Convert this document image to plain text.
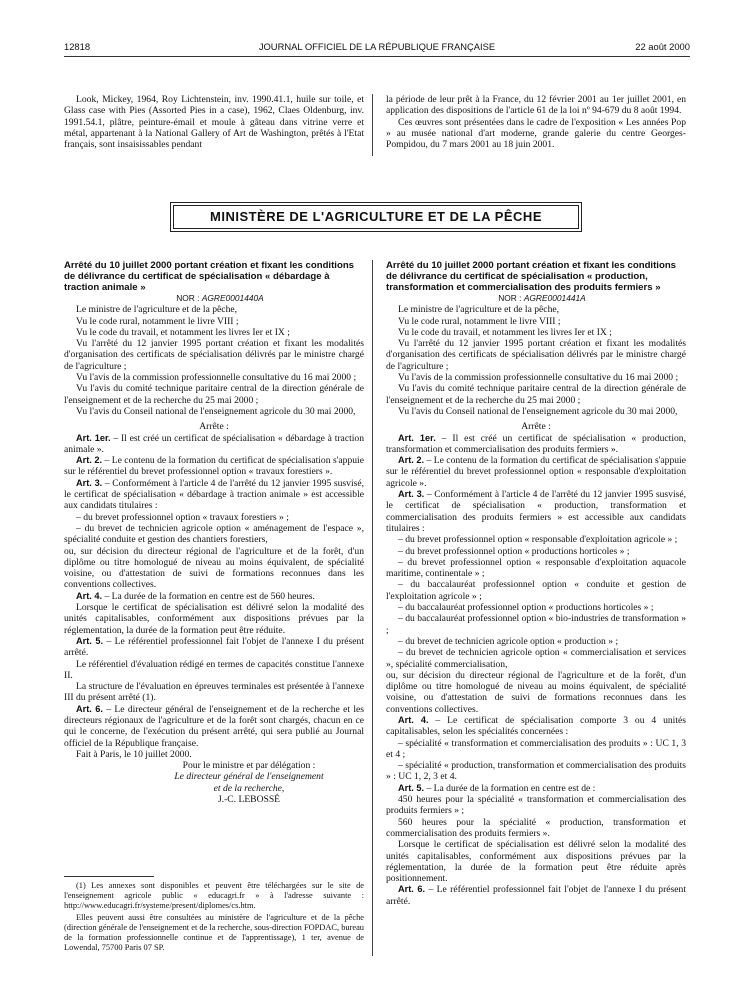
12818	JOURNAL OFFICIEL DE LA RÉPUBLIQUE FRANÇAISE	22 août 2000

Look, Mickey, 1964, Roy Lichtenstein, inv. 1990.41.1, huile sur toile, et Glass case with Pies (Assorted Pies in a case), 1962, Claes Oldenburg, inv. 1991.54.1, plâtre, peinture-émail et moule à gâteau dans vitrine verre et métal, appartenant à la National Gallery of Art de Washington, prêtés à l'Etat français, sont insaisissables pendant

la période de leur prêt à la France, du 12 février 2001 au 1er juillet 2001, en application des dispositions de l'article 61 de la loi nº 94-679 du 8 août 1994.

Ces œuvres sont présentées dans le cadre de l'exposition « Les années Pop » au musée national d'art moderne, grande galerie du centre Georges-Pompidou, du 7 mars 2001 au 18 juin 2001.

MINISTÈRE DE L'AGRICULTURE ET DE LA PÊCHE

Arrêté du 10 juillet 2000 portant création et fixant les conditions de délivrance du certificat de spécialisation « débardage à traction animale »

NOR : AGRE0001440A

Le ministre de l'agriculture et de la pêche,

Vu le code rural, notamment le livre VIII ;

Vu le code du travail, et notamment les livres Ier et IX ;

Vu l'arrêté du 12 janvier 1995 portant création et fixant les modalités d'organisation des certificats de spécialisation délivrés par le ministre chargé de l'agriculture ;

Vu l'avis de la commission professionnelle consultative du 16 mai 2000 ;

Vu l'avis du comité technique paritaire central de la direction générale de l'enseignement et de la recherche du 25 mai 2000 ;

Vu l'avis du Conseil national de l'enseignement agricole du 30 mai 2000,

Arrête :

Art. 1er. – Il est créé un certificat de spécialisation « débardage à traction animale ».

Art. 2. – Le contenu de la formation du certificat de spécialisation s'appuie sur le référentiel du brevet professionnel option « travaux forestiers ».

Art. 3. – Conformément à l'article 4 de l'arrêté du 12 janvier 1995 susvisé, le certificat de spécialisation « débardage à traction animale » est accessible aux candidats titulaires :

– du brevet professionnel option « travaux forestiers » ;

– du brevet de technicien agricole option « aménagement de l'espace », spécialité conduite et gestion des chantiers forestiers,

ou, sur décision du directeur régional de l'agriculture et de la forêt, d'un diplôme ou titre homologué de niveau au moins équivalent, de spécialité voisine, ou d'attestation de suivi de formations reconnues dans les conventions collectives.

Art. 4. – La durée de la formation en centre est de 560 heures.

Lorsque le certificat de spécialisation est délivré selon la modalité des unités capitalisables, conformément aux dispositions prévues par la réglementation, la durée de la formation peut être réduite.

Art. 5. – Le référentiel professionnel fait l'objet de l'annexe I du présent arrêté.

Le référentiel d'évaluation rédigé en termes de capacités constitue l'annexe II.

La structure de l'évaluation en épreuves terminales est présentée à l'annexe III du présent arrêté (1).

Art. 6. – Le directeur général de l'enseignement et de la recherche et les directeurs régionaux de l'agriculture et de la forêt sont chargés, chacun en ce qui le concerne, de l'exécution du présent arrêté, qui sera publié au Journal officiel de la République française.

Fait à Paris, le 10 juillet 2000.

Pour le ministre et par délégation :

Le directeur général de l'enseignement

et de la recherche,

J.-C. LEBOSSÉ

(1) Les annexes sont disponibles et peuvent être téléchargées sur le site de l'enseignement agricole public « educagri.fr » à l'adresse suivante : http://www.educagri.fr/systeme/present/diplomes/cs.htm.

Elles peuvent aussi être consultées au ministère de l'agriculture et de la pêche (direction générale de l'enseignement et de la recherche, sous-direction FOPDAC, bureau de la formation professionnelle continue et de l'apprentissage), 1 ter, avenue de Lowendal, 75700 Paris 07 SP.

Arrêté du 10 juillet 2000 portant création et fixant les conditions de délivrance du certificat de spécialisation « production, transformation et commercialisation des produits fermiers »

NOR : AGRE0001441A

Le ministre de l'agriculture et de la pêche,

Vu le code rural, notamment le livre VIII ;

Vu le code du travail, et notamment les livres Ier et IX ;

Vu l'arrêté du 12 janvier 1995 portant création et fixant les modalités d'organisation des certificats de spécialisation délivrés par le ministre chargé de l'agriculture ;

Vu l'avis de la commission professionnelle consultative du 16 mai 2000 ;

Vu l'avis du comité technique paritaire central de la direction générale de l'enseignement et de la recherche du 25 mai 2000 ;

Vu l'avis du Conseil national de l'enseignement agricole du 30 mai 2000,

Arrête :

Art. 1er. – Il est créé un certificat de spécialisation « production, transformation et commercialisation des produits fermiers ».

Art. 2. – Le contenu de la formation du certificat de spécialisation s'appuie sur le référentiel du brevet professionnel option « responsable d'exploitation agricole ».

Art. 3. – Conformément à l'article 4 de l'arrêté du 12 janvier 1995 susvisé, le certificat de spécialisation « production, transformation et commercialisation des produits fermiers » est accessible aux candidats titulaires :

– du brevet professionnel option « responsable d'exploitation agricole » ;

– du brevet professionnel option « productions horticoles » ;

– du brevet professionnel option « responsable d'exploitation aquacole maritime, continentale » ;

– du baccalauréat professionnel option « conduite et gestion de l'exploitation agricole » ;

– du baccalauréat professionnel option « productions horticoles » ;

– du baccalauréat professionnel option « bio-industries de transformation » ;

– du brevet de technicien agricole option « production » ;

– du brevet de technicien agricole option « commercialisation et services », spécialité commercialisation,

ou, sur décision du directeur régional de l'agriculture et de la forêt, d'un diplôme ou titre homologué de niveau au moins équivalent, de spécialité voisine, ou d'attestation de suivi de formations reconnues dans les conventions collectives.

Art. 4. – Le certificat de spécialisation comporte 3 ou 4 unités capitalisables, selon les spécialités concernées :

– spécialité « transformation et commercialisation des produits » : UC 1, 3 et 4 ;

– spécialité « production, transformation et commercialisation des produits » : UC 1, 2, 3 et 4.

Art. 5. – La durée de la formation en centre est de :

450 heures pour la spécialité « transformation et commercialisation des produits fermiers » ;

560 heures pour la spécialité « production, transformation et commercialisation des produits fermiers ».

Lorsque le certificat de spécialisation est délivré selon la modalité des unités capitalisables, conformément aux dispositions prévues par la réglementation, la durée de la formation peut être réduite après positionnement.

Art. 6. – Le référentiel professionnel fait l'objet de l'annexe I du présent arrêté.
